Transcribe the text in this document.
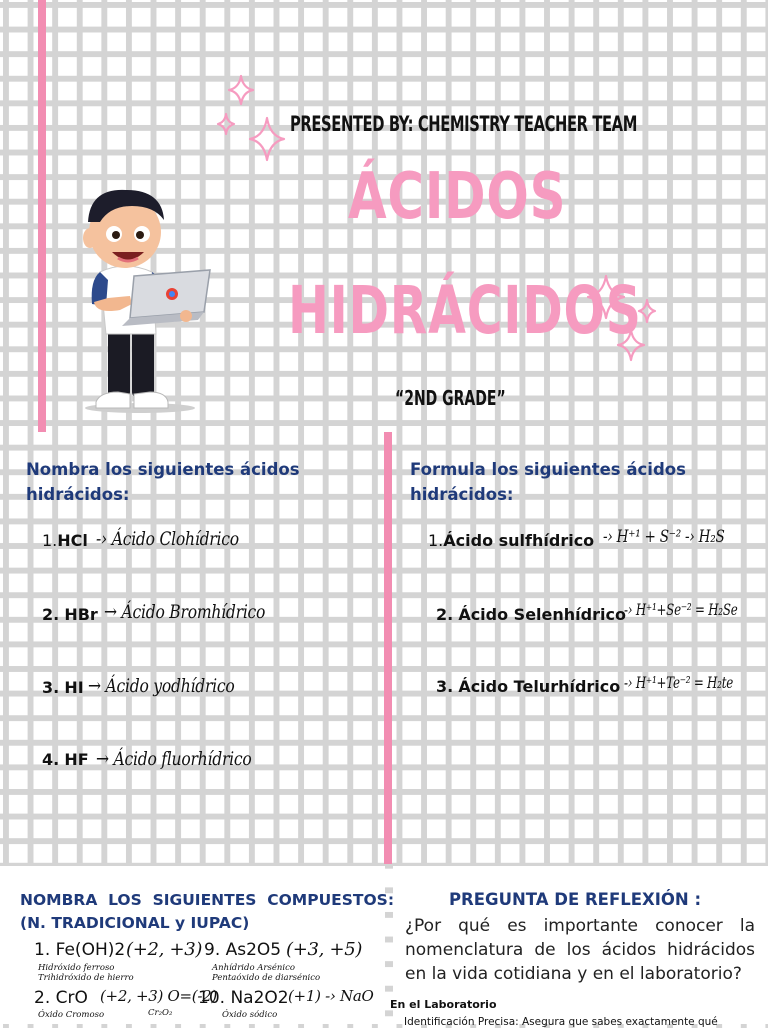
PRESENTED BY: CHEMISTRY TEACHER TEAM
ÁCIDOS
HIDRÁCIDOS
“2ND GRADE”
Nombra los siguientes ácidos hidrácidos:
1.HCl -› Ácido Clohídrico
2. HBr → Ácido Bromhídrico
3. HI → Ácido yodhídrico
4. HF → Ácido fluorhídrico
Formula los siguientes ácidos hidrácidos:
1.Ácido sulfhídrico -› H⁺¹ + S⁻² -› H₂S
2. Ácido Selenhídrico
-› H⁺¹+Se⁻² = H₂Se
3. Ácido Telurhídrico -› H⁺¹+Te⁻² = H₂te
NOMBRA  LOS  SIGUIENTES  COMPUESTOS:
(N. TRADICIONAL y IUPAC)
1. Fe(OH)2 (+2, +3)
Hidróxido ferroso
Trihidróxido de hierro
9. As2O5 (+3, +5)
Anhídrido Arsénico
Pentaóxido de diarsénico
2. CrO (+2, +3) O=(-2)
Cr₂O₂
Óxido Cromoso
10. Na2O2 (+1) -› NaO
Óxido sódico
PREGUNTA DE REFLEXIÓN :
¿Por qué es importante conocer la nomenclatura de los ácidos hidrácidos en la vida cotidiana y en el laboratorio?
En el Laboratorio
Identificación Precisa: Asegura que sabes exactamente qué
